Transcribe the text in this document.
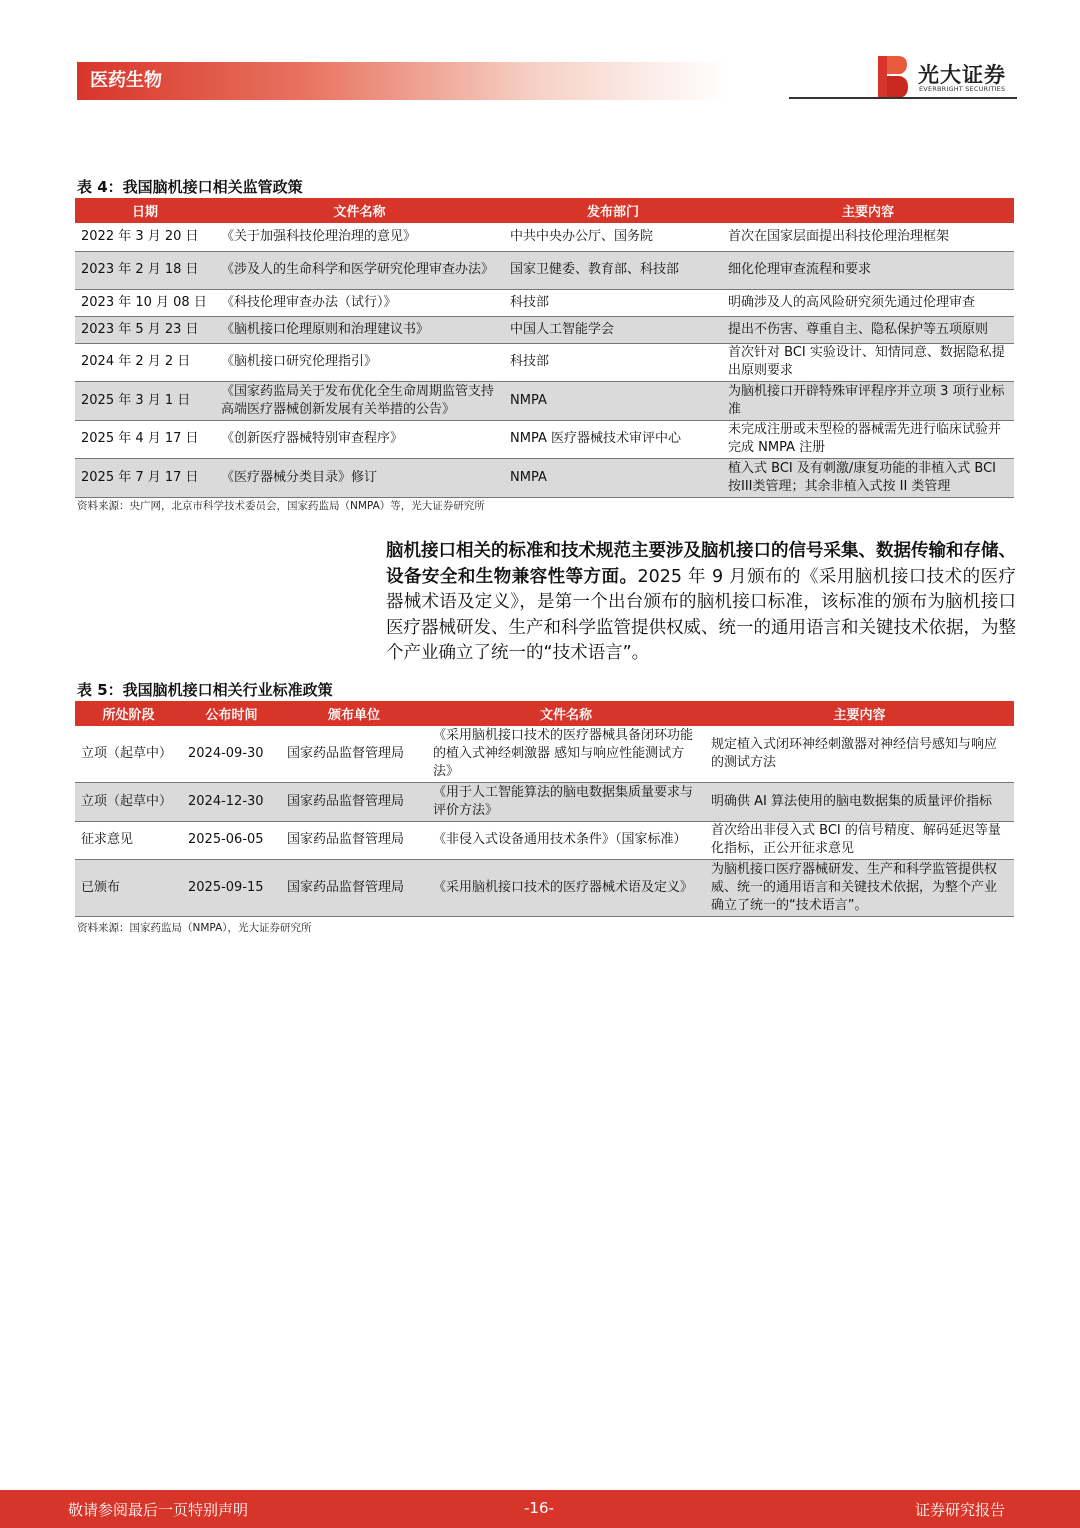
医药生物	光大证券
EVERBRIGHT SECURITIES
表 4：我国脑机接口相关监管政策
日期	文件名称	发布部门	主要内容
2022 年 3 月 20 日	《关于加强科技伦理治理的意见》	中共中央办公厅、国务院	首次在国家层面提出科技伦理治理框架
2023 年 2 月 18 日	《涉及人的生命科学和医学研究伦理审查办法》	国家卫健委、教育部、科技部	细化伦理审查流程和要求
2023 年 10 月 08 日	《科技伦理审查办法（试行）》	科技部	明确涉及人的高风险研究须先通过伦理审查
2023 年 5 月 23 日	《脑机接口伦理原则和治理建议书》	中国人工智能学会	提出不伤害、尊重自主、隐私保护等五项原则
2024 年 2 月 2 日	《脑机接口研究伦理指引》	科技部	首次针对 BCI 实验设计、知情同意、数据隐私提出原则要求
2025 年 3 月 1 日	《国家药监局关于发布优化全生命周期监管支持高端医疗器械创新发展有关举措的公告》	NMPA	为脑机接口开辟特殊审评程序并立项 3 项行业标准
2025 年 4 月 17 日	《创新医疗器械特别审查程序》	NMPA 医疗器械技术审评中心	未完成注册或未型检的器械需先进行临床试验并完成 NMPA 注册
2025 年 7 月 17 日	《医疗器械分类目录》修订	NMPA	植入式 BCI 及有刺激/康复功能的非植入式 BCI 按III类管理；其余非植入式按 II 类管理
资料来源：央广网，北京市科学技术委员会，国家药监局（NMPA）等，光大证券研究所
脑机接口相关的标准和技术规范主要涉及脑机接口的信号采集、数据传输和存储、设备安全和生物兼容性等方面。2025 年 9 月颁布的《采用脑机接口技术的医疗器械术语及定义》，是第一个出台颁布的脑机接口标准，该标准的颁布为脑机接口医疗器械研发、生产和科学监管提供权威、统一的通用语言和关键技术依据，为整个产业确立了统一的“技术语言”。
表 5：我国脑机接口相关行业标准政策
所处阶段	公布时间	颁布单位	文件名称	主要内容
立项（起草中）	2024-09-30	国家药品监督管理局	《采用脑机接口技术的医疗器械具备闭环功能的植入式神经刺激器 感知与响应性能测试方法》	规定植入式闭环神经刺激器对神经信号感知与响应的测试方法
立项（起草中）	2024-12-30	国家药品监督管理局	《用于人工智能算法的脑电数据集质量要求与评价方法》	明确供 AI 算法使用的脑电数据集的质量评价指标
征求意见	2025-06-05	国家药品监督管理局	《非侵入式设备通用技术条件》（国家标准）	首次给出非侵入式 BCI 的信号精度、解码延迟等量化指标，正公开征求意见
已颁布	2025-09-15	国家药品监督管理局	《采用脑机接口技术的医疗器械术语及定义》	为脑机接口医疗器械研发、生产和科学监管提供权威、统一的通用语言和关键技术依据，为整个产业确立了统一的“技术语言”。
资料来源：国家药监局（NMPA），光大证券研究所
敬请参阅最后一页特别声明	-16-	证券研究报告
